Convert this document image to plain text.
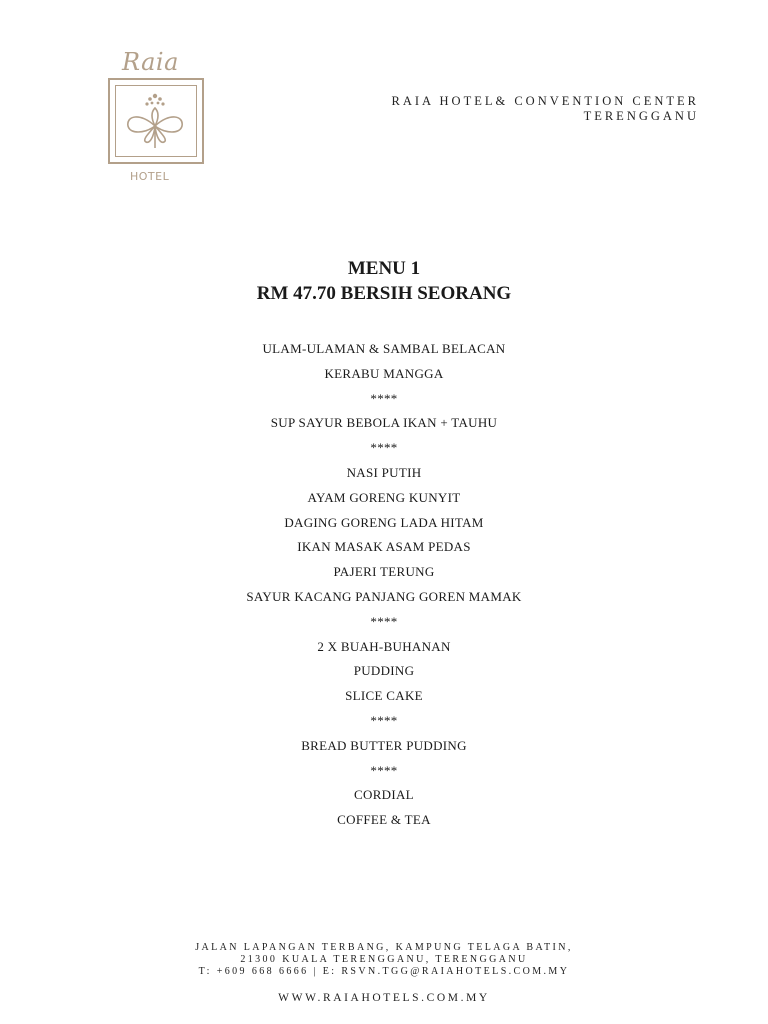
Raia
HOTEL
RAIA HOTEL& CONVENTION CENTER
TERENGGANU
MENU 1
RM 47.70 BERSIH SEORANG
ULAM-ULAMAN & SAMBAL BELACAN
KERABU MANGGA
****
SUP SAYUR BEBOLA IKAN + TAUHU
****
NASI PUTIH
AYAM GORENG KUNYIT
DAGING GORENG LADA HITAM
IKAN MASAK ASAM PEDAS
PAJERI TERUNG
SAYUR KACANG PANJANG GOREN MAMAK
****
2 X BUAH-BUHANAN
PUDDING
SLICE CAKE
****
BREAD BUTTER PUDDING
****
CORDIAL
COFFEE & TEA
JALAN LAPANGAN TERBANG, KAMPUNG TELAGA BATIN,
21300 KUALA TERENGGANU, TERENGGANU
T: +609 668 6666 | E: RSVN.TGG@RAIAHOTELS.COM.MY
WWW.RAIAHOTELS.COM.MY
